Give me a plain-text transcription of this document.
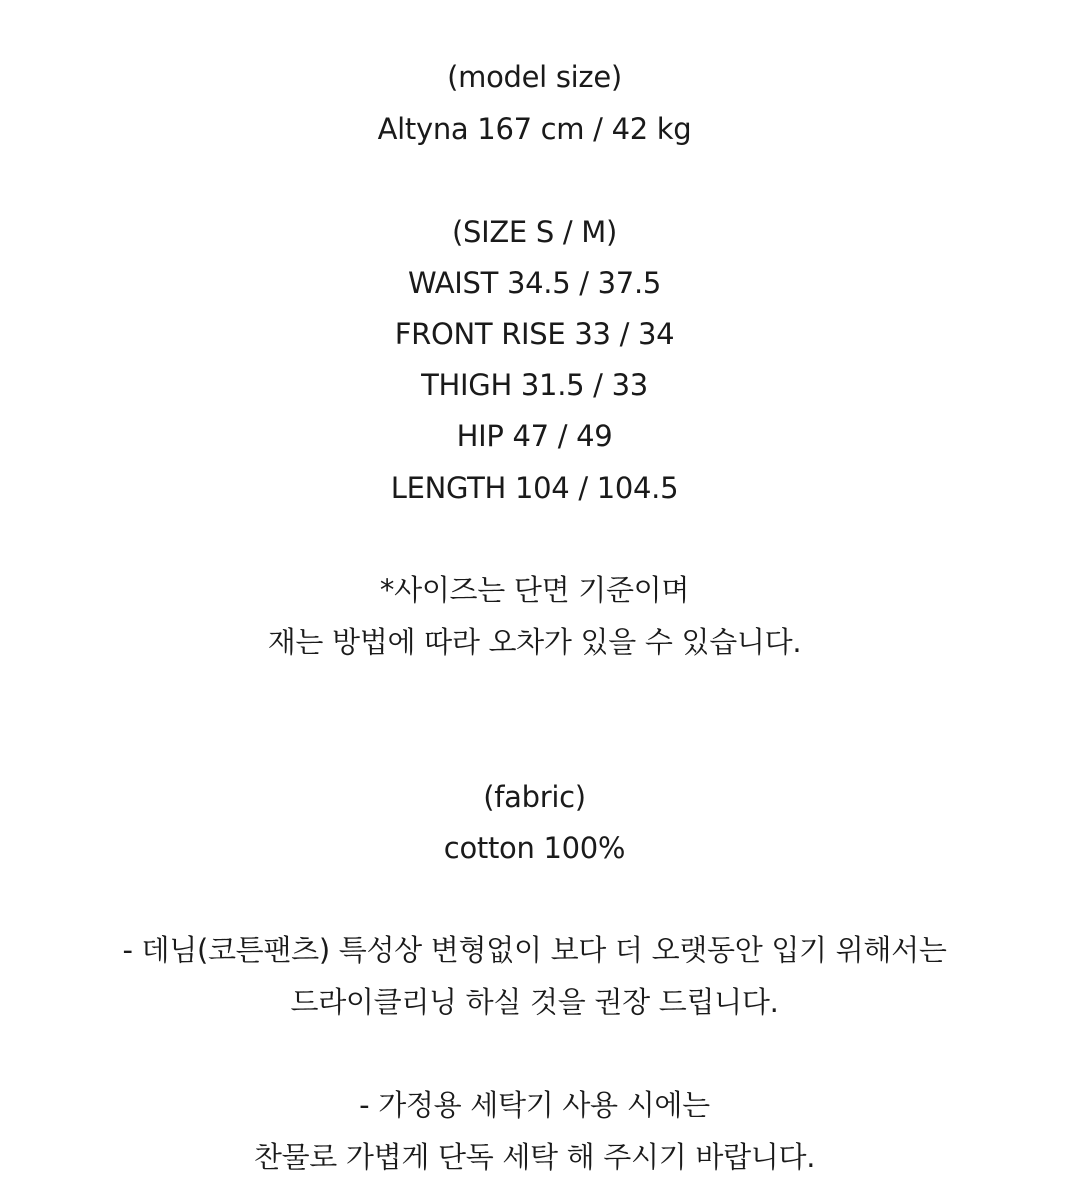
(model size)
Altyna 167 cm / 42 kg
(SIZE S / M)
WAIST 34.5 / 37.5
FRONT RISE 33 / 34
THIGH 31.5 / 33
HIP 47 / 49
LENGTH 104 / 104.5
*사이즈는 단면 기준이며
재는 방법에 따라 오차가 있을 수 있습니다.
(fabric)
cotton 100%
- 데님(코튼팬츠) 특성상 변형없이 보다 더 오랫동안 입기 위해서는
드라이클리닝 하실 것을 권장 드립니다.
- 가정용 세탁기 사용 시에는
찬물로 가볍게 단독 세탁 해 주시기 바랍니다.
